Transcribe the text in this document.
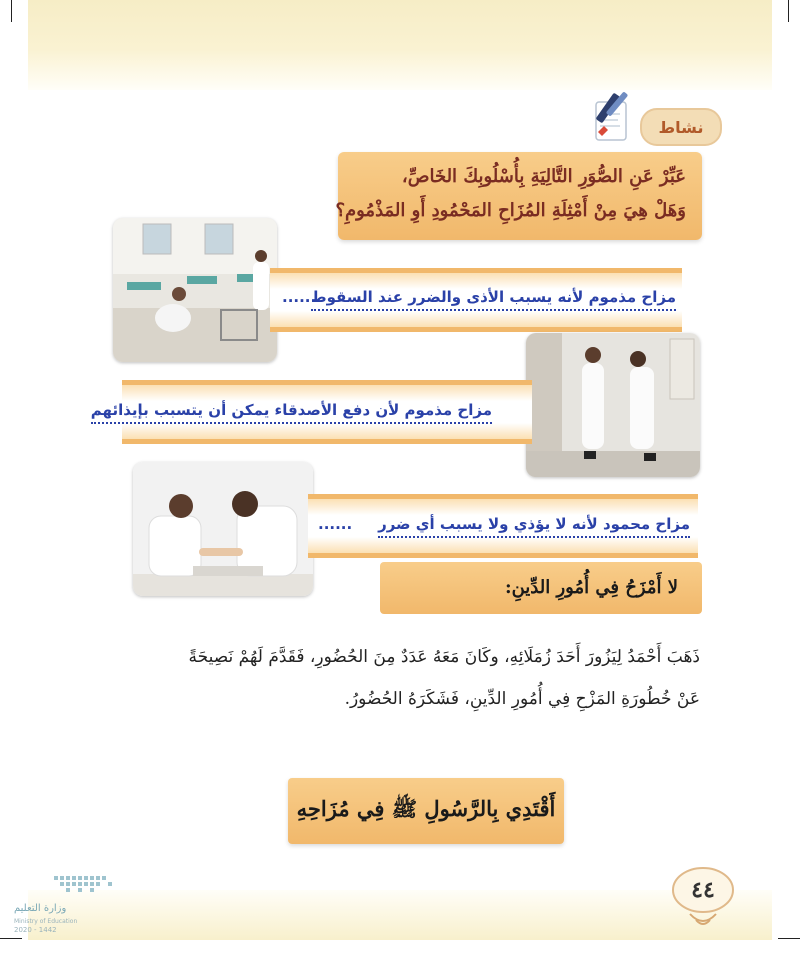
نشاط
عَبِّرْ عَنِ الصُّوَرِ التَّالِيَةِ بِأُسْلُوبِكَ الخَاصِّ،
وَهَلْ هِيَ مِنْ أَمْثِلَةِ المُزَاحِ المَحْمُودِ أَوِ المَذْمُومِ؟
مزاح مذموم لأنه يسبب الأذى والضرر عند السقوط
......
مزاح مذموم لأن دفع الأصدقاء يمكن أن يتسبب بإيذائهم
مزاح محمود لأنه لا يؤذي ولا يسبب أي ضرر
......
لا أَمْزَحُ فِي أُمُورِ الدِّينِ:
ذَهَبَ أَحْمَدُ لِيَزُورَ أَحَدَ زُمَلَائِهِ، وكَانَ مَعَهُ عَدَدٌ مِنَ الحُضُورِ، فَقَدَّمَ لَهُمْ نَصِيحَةً
عَنْ خُطُورَةِ المَزْحِ فِي أُمُورِ الدِّينِ، فَشَكَرَهُ الحُضُورُ.
أَقْتَدِي بِالرَّسُولِ ﷺ فِي مُزَاحِهِ
٤٤
وزارة التعليم
Ministry of Education
2020 - 1442
